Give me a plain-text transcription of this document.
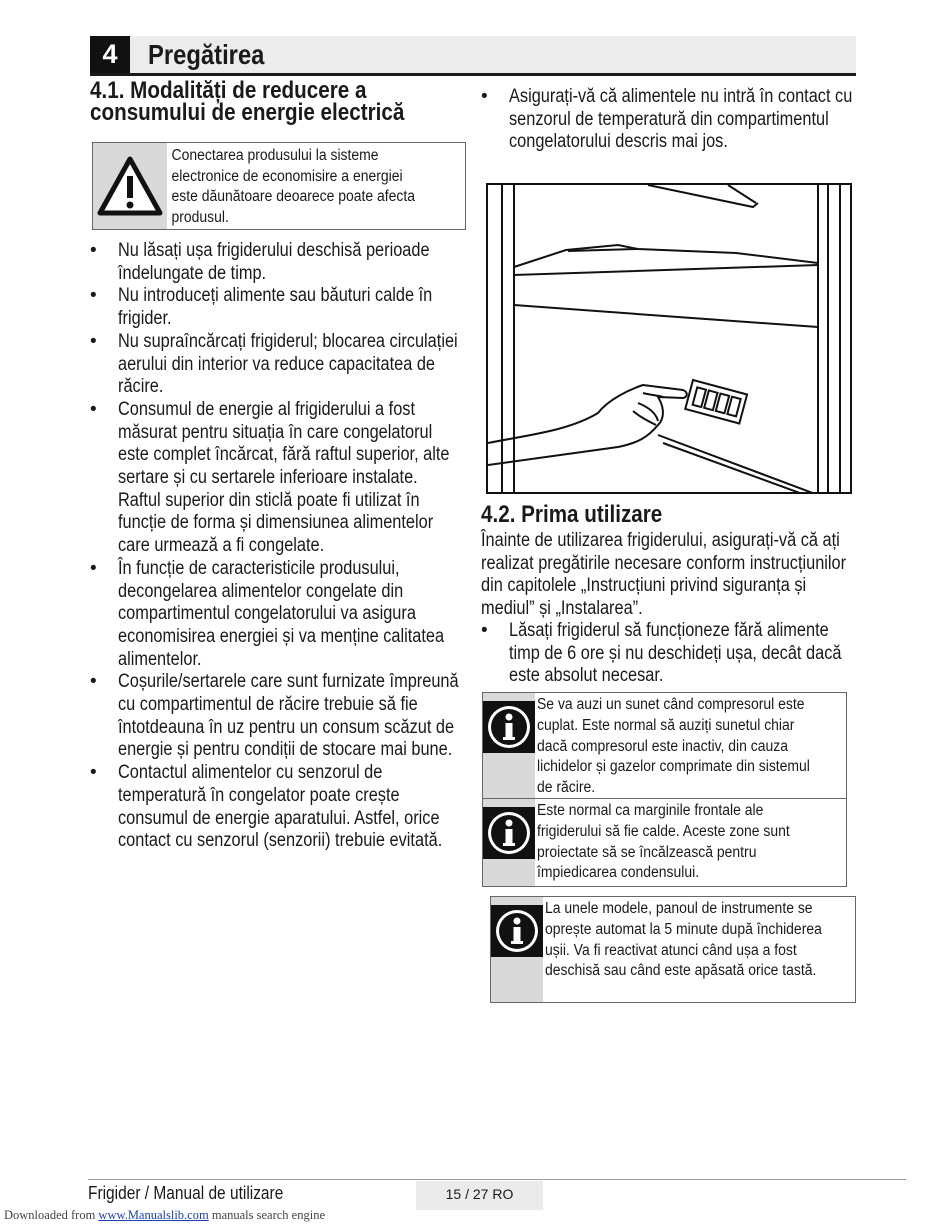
4	Pregătirea
4.1. Modalități de reducere a
consumului de energie electrică
Conectarea produsului la sisteme electronice de economisire a energiei este dăunătoare deoarece poate afecta produsul.
• Nu lăsați ușa frigiderului deschisă perioade îndelungate de timp.
• Nu introduceți alimente sau băuturi calde în frigider.
• Nu supraîncărcați frigiderul; blocarea circulației aerului din interior va reduce capacitatea de răcire.
• Consumul de energie al frigiderului a fost măsurat pentru situația în care congelatorul este complet încărcat, fără raftul superior, alte sertare și cu sertarele inferioare instalate. Raftul superior din sticlă poate fi utilizat în funcție de forma și dimensiunea alimentelor care urmează a fi congelate.
• În funcție de caracteristicile produsului, decongelarea alimentelor congelate din compartimentul congelatorului va asigura economisirea energiei și va menține calitatea alimentelor.
• Coșurile/sertarele care sunt furnizate împreună cu compartimentul de răcire trebuie să fie întotdeauna în uz pentru un consum scăzut de energie și pentru condiții de stocare mai bune.
• Contactul alimentelor cu senzorul de temperatură în congelator poate crește consumul de energie aparatului. Astfel, orice contact cu senzorul (senzorii) trebuie evitată.
• Asigurați-vă că alimentele nu intră în contact cu senzorul de temperatură din compartimentul congelatorului descris mai jos.
4.2. Prima utilizare
Înainte de utilizarea frigiderului, asigurați-vă că ați realizat pregătirile necesare conform instrucțiunilor din capitolele „Instrucțiuni privind siguranța și mediul” și „Instalarea”.
• Lăsați frigiderul să funcționeze fără alimente timp de 6 ore și nu deschideți ușa, decât dacă este absolut necesar.
Se va auzi un sunet când compresorul este cuplat. Este normal să auziți sunetul chiar dacă compresorul este inactiv, din cauza lichidelor și gazelor comprimate din sistemul de răcire.
Este normal ca marginile frontale ale frigiderului să fie calde. Aceste zone sunt proiectate să se încălzească pentru împiedicarea condensului.
La unele modele, panoul de instrumente se oprește automat la 5 minute după închiderea ușii. Va fi reactivat atunci când ușa a fost deschisă sau când este apăsată orice tastă.
Frigider / Manual de utilizare	15 / 27 RO
Downloaded from www.Manualslib.com manuals search engine
